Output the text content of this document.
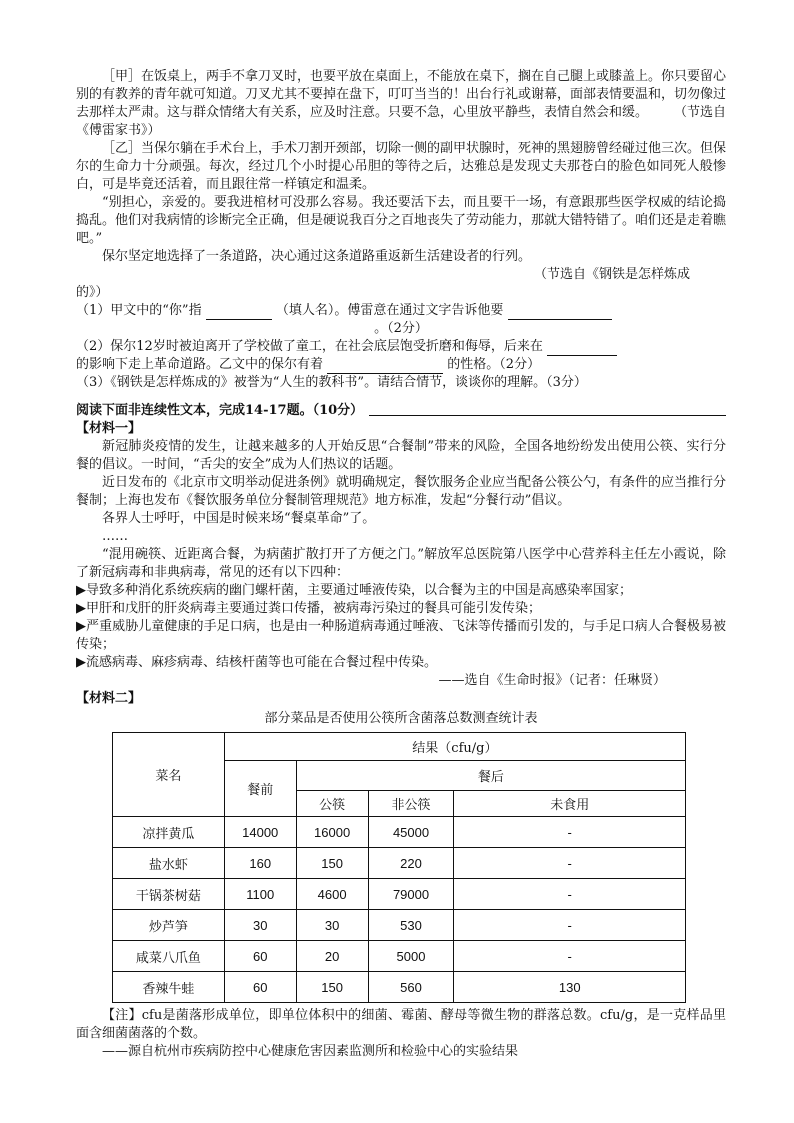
［甲］在饭桌上，两手不拿刀叉时，也要平放在桌面上，不能放在桌下，搁在自己腿上或膝盖上。你只要留心别的有教养的青年就可知道。刀叉尤其不要掉在盘下，叮叮当当的！出台行礼或谢幕，面部表情要温和，切勿像过去那样太严肃。这与群众情绪大有关系，应及时注意。只要不急，心里放平静些，表情自然会和缓。　　　（节选自《傅雷家书》）

［乙］当保尔躺在手术台上，手术刀割开颈部，切除一侧的副甲状腺时，死神的黑翅膀曾经碰过他三次。但保尔的生命力十分顽强。每次，经过几个小时提心吊胆的等待之后，达雅总是发现丈夫那苍白的脸色如同死人般惨白，可是毕竟还活着，而且跟往常一样镇定和温柔。

“别担心，亲爱的。要我进棺材可没那么容易。我还要活下去，而且要干一场，有意跟那些医学权威的结论捣捣乱。他们对我病情的诊断完全正确，但是硬说我百分之百地丧失了劳动能力，那就大错特错了。咱们还是走着瞧吧。”

保尔坚定地选择了一条道路，决心通过这条道路重返新生活建设者的行列。

（节选自《钢铁是怎样炼成

的》）

（1）甲文中的“你”指	（填人名）。傅雷意在通过文字告诉他要

。（2分）

（2）保尔12岁时被迫离开了学校做了童工，在社会底层饱受折磨和侮辱，后来在

的影响下走上革命道路。乙文中的保尔有着	的性格。（2分）

（3）《钢铁是怎样炼成的》被誉为“人生的教科书”。请结合情节，谈谈你的理解。（3分）

阅读下面非连续性文本，完成14-17题。（10分）

【材料一】

新冠肺炎疫情的发生，让越来越多的人开始反思“合餐制”带来的风险，全国各地纷纷发出使用公筷、实行分餐的倡议。一时间，“舌尖的安全”成为人们热议的话题。

近日发布的《北京市文明举动促进条例》就明确规定，餐饮服务企业应当配备公筷公勺，有条件的应当推行分餐制；上海也发布《餐饮服务单位分餐制管理规范》地方标准，发起“分餐行动”倡议。

各界人士呼吁，中国是时候来场“餐桌革命”了。

……

“混用碗筷、近距离合餐，为病菌扩散打开了方便之门。”解放军总医院第八医学中心营养科主任左小霞说，除了新冠病毒和非典病毒，常见的还有以下四种：

▶导致多种消化系统疾病的幽门螺杆菌，主要通过唾液传染，以合餐为主的中国是高感染率国家；

▶甲肝和戊肝的肝炎病毒主要通过粪口传播，被病毒污染过的餐具可能引发传染；

▶严重威胁儿童健康的手足口病，也是由一种肠道病毒通过唾液、飞沫等传播而引发的，与手足口病人合餐极易被传染；

▶流感病毒、麻疹病毒、结核杆菌等也可能在合餐过程中传染。

——选自《生命时报》（记者：任琳贤）

【材料二】

部分菜品是否使用公筷所含菌落总数测查统计表

菜名	结果（cfu/g）			
	餐前	餐后		
		公筷	非公筷	未食用
凉拌黄瓜	14000	16000	45000	-
盐水虾	160	150	220	-
干锅茶树菇	1100	4600	79000	-
炒芦笋	30	30	530	-
咸菜八爪鱼	60	20	5000	-
香辣牛蛙	60	150	560	130

【注】cfu是菌落形成单位，即单位体积中的细菌、霉菌、酵母等微生物的群落总数。cfu/g，是一克样品里面含细菌菌落的个数。

——源自杭州市疾病防控中心健康危害因素监测所和检验中心的实验结果
